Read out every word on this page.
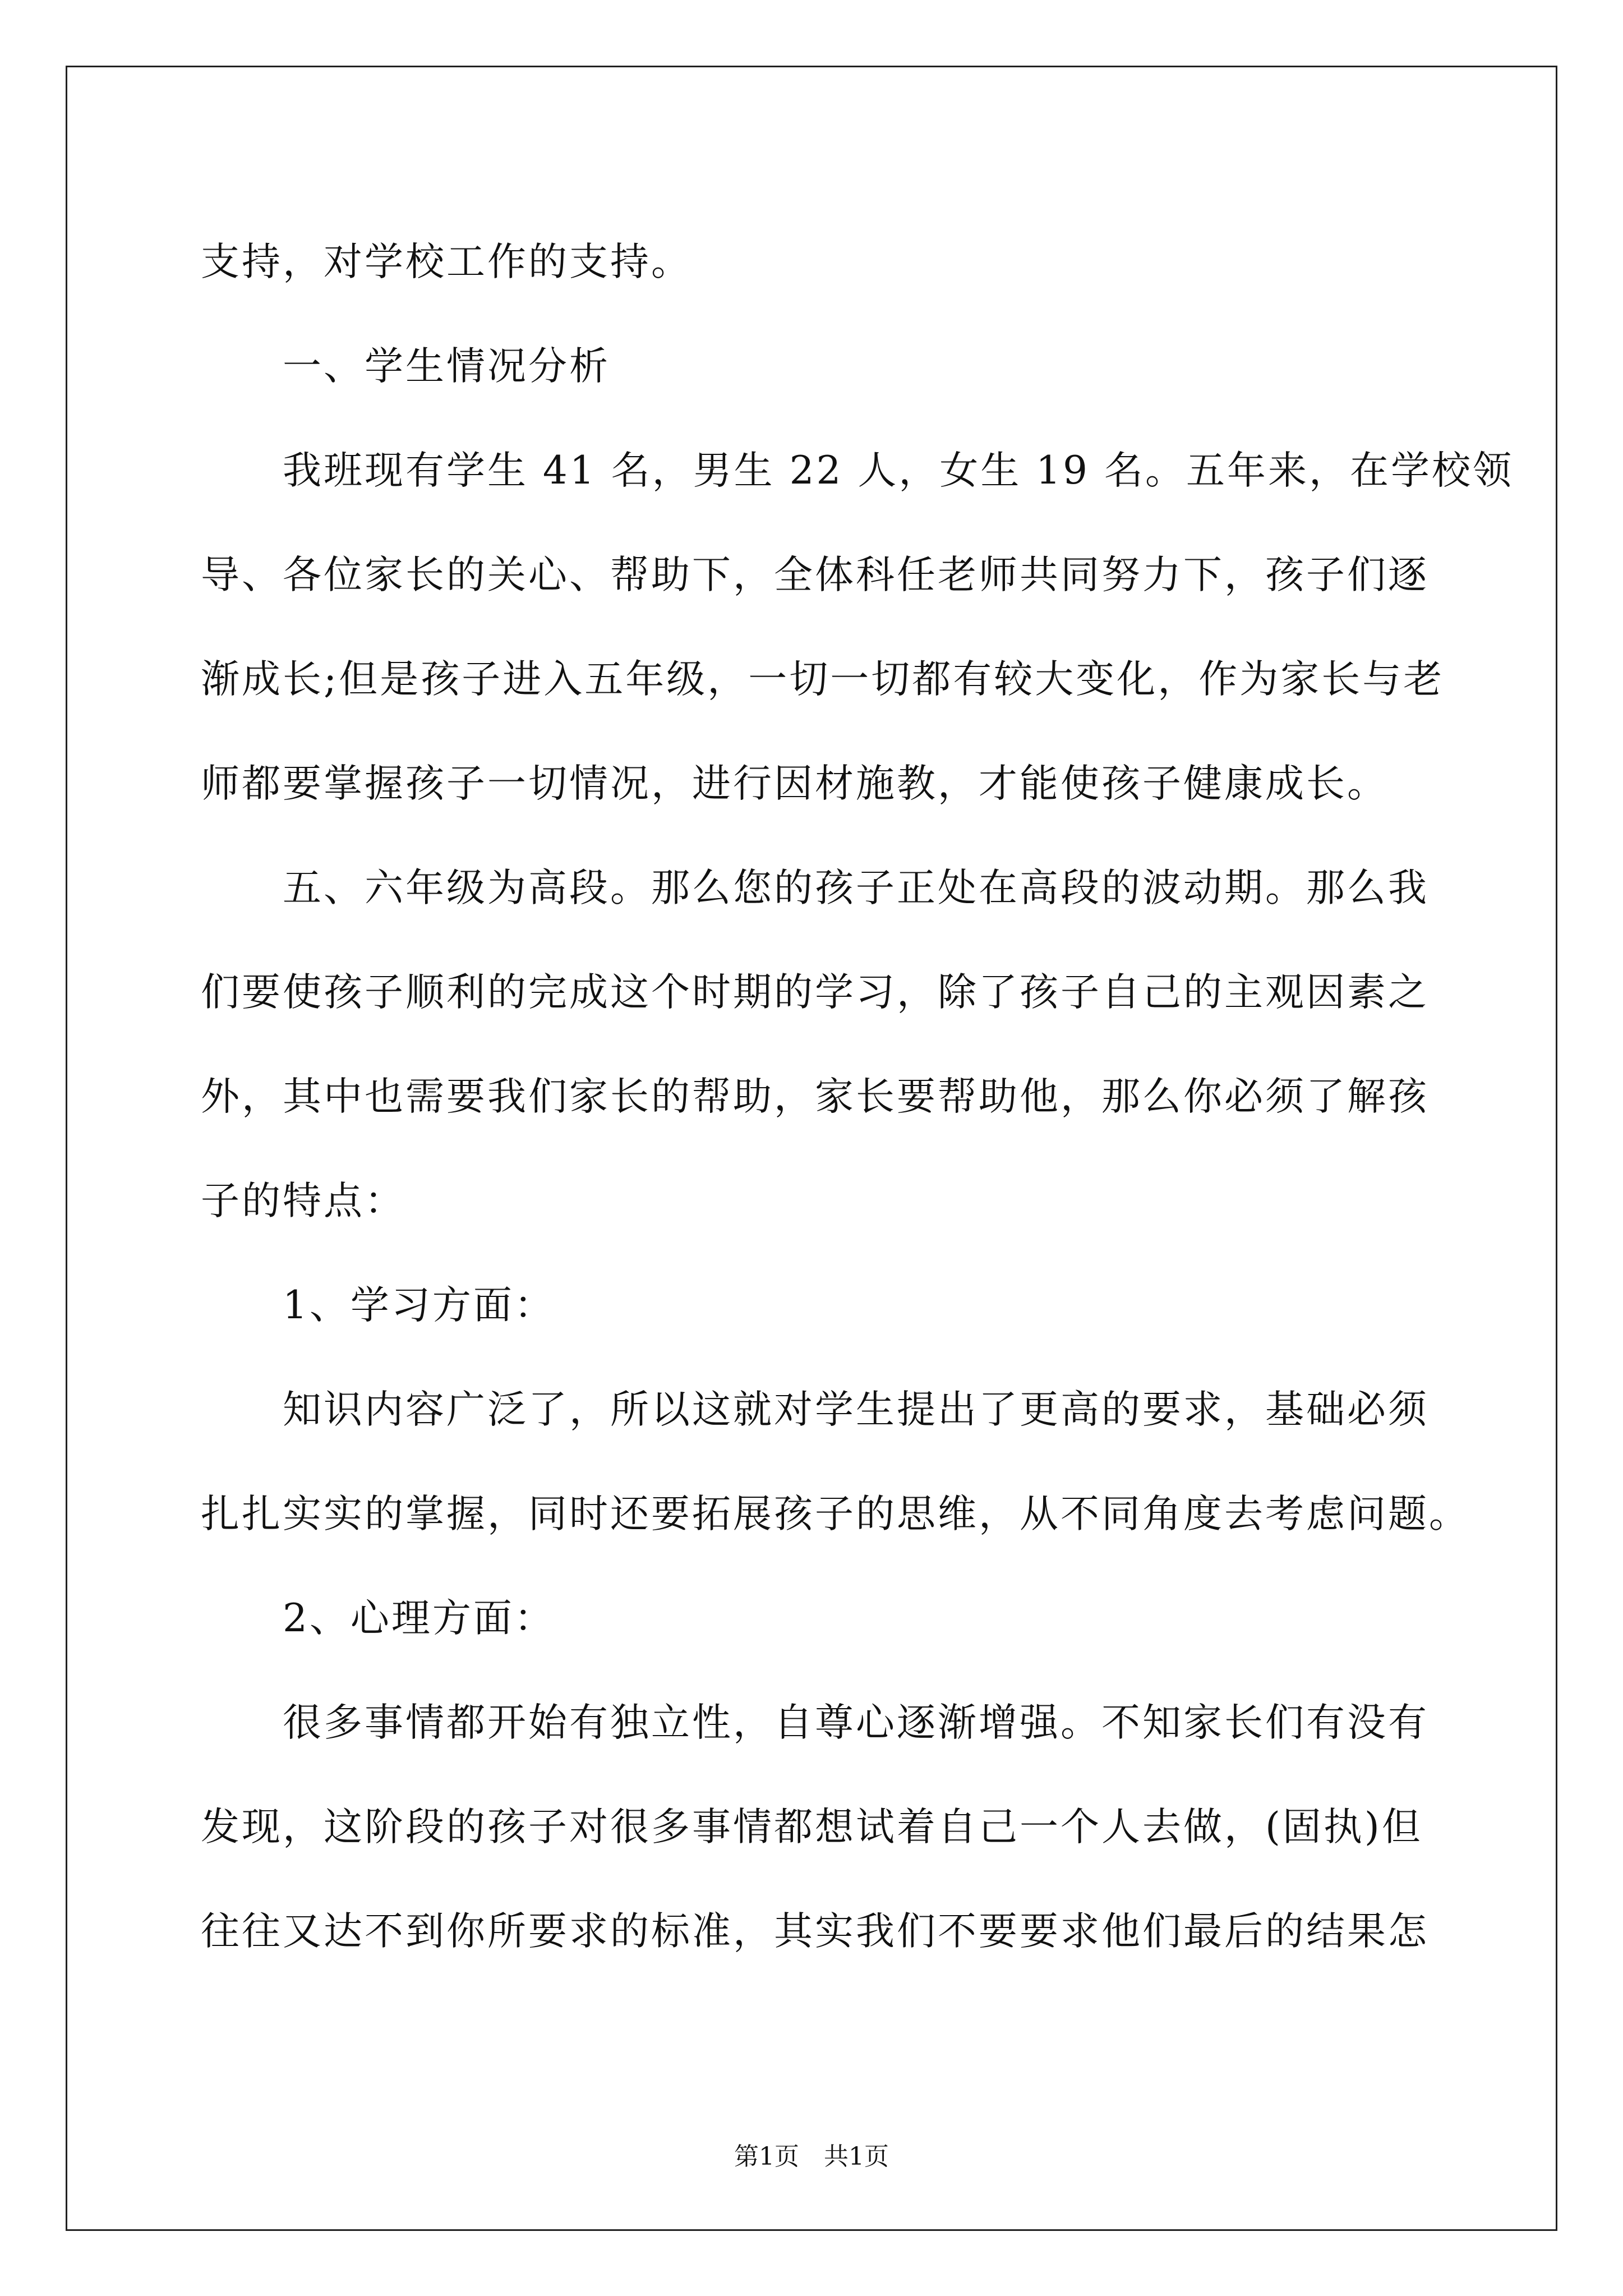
支持，对学校工作的支持。
一、学生情况分析
我班现有学生 41 名，男生 22 人，女生 19 名。五年来，在学校领
导、各位家长的关心、帮助下，全体科任老师共同努力下，孩子们逐
渐成长;但是孩子进入五年级，一切一切都有较大变化，作为家长与老
师都要掌握孩子一切情况，进行因材施教，才能使孩子健康成长。
五、六年级为高段。那么您的孩子正处在高段的波动期。那么我
们要使孩子顺利的完成这个时期的学习，除了孩子自己的主观因素之
外，其中也需要我们家长的帮助，家长要帮助他，那么你必须了解孩
子的特点：
1、学习方面：
知识内容广泛了，所以这就对学生提出了更高的要求，基础必须
扎扎实实的掌握，同时还要拓展孩子的思维，从不同角度去考虑问题。
2、心理方面：
很多事情都开始有独立性，自尊心逐渐增强。不知家长们有没有
发现，这阶段的孩子对很多事情都想试着自己一个人去做，(固执)但
往往又达不到你所要求的标准，其实我们不要要求他们最后的结果怎
第1页　共1页
